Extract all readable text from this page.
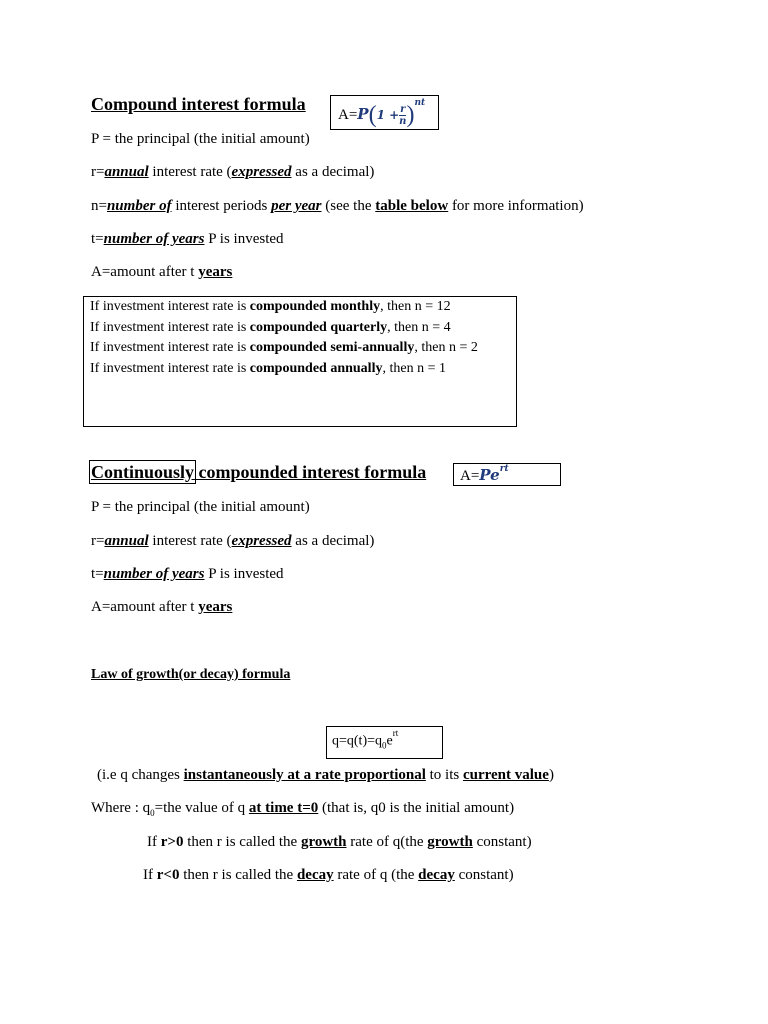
Compound interest formula
$A=P(1 + \frac{r}{n} )^{nt}$
P = the principal (the initial amount)
r=annual interest rate (expressed as a decimal)
n=number of interest periods per year (see the table below for more information)
t=number of years P is invested
A=amount after t years
If investment interest rate is compounded monthly, then n = 12
If investment interest rate is compounded quarterly, then n = 4
If investment interest rate is compounded semi-annually, then n = 2
If investment interest rate is compounded annually, then n = 1
Continuously compounded interest formula $A=Pe^{rt}$
P = the principal (the initial amount)
r=annual interest rate (expressed as a decimal)
t=number of years P is invested
A=amount after t years
Law of growth(or decay) formula
$q=q(t)=q_0e^{rt}$
(i.e q changes instantaneously at a rate proportional to its current value)
Where : $q_0=the$ value of q at time t=0 (that is, q0 is the initial amount)
If r>0 then r is called the growth rate of q(the growth constant)
If r<0 then r is called the decay rate of q (the decay constant)
